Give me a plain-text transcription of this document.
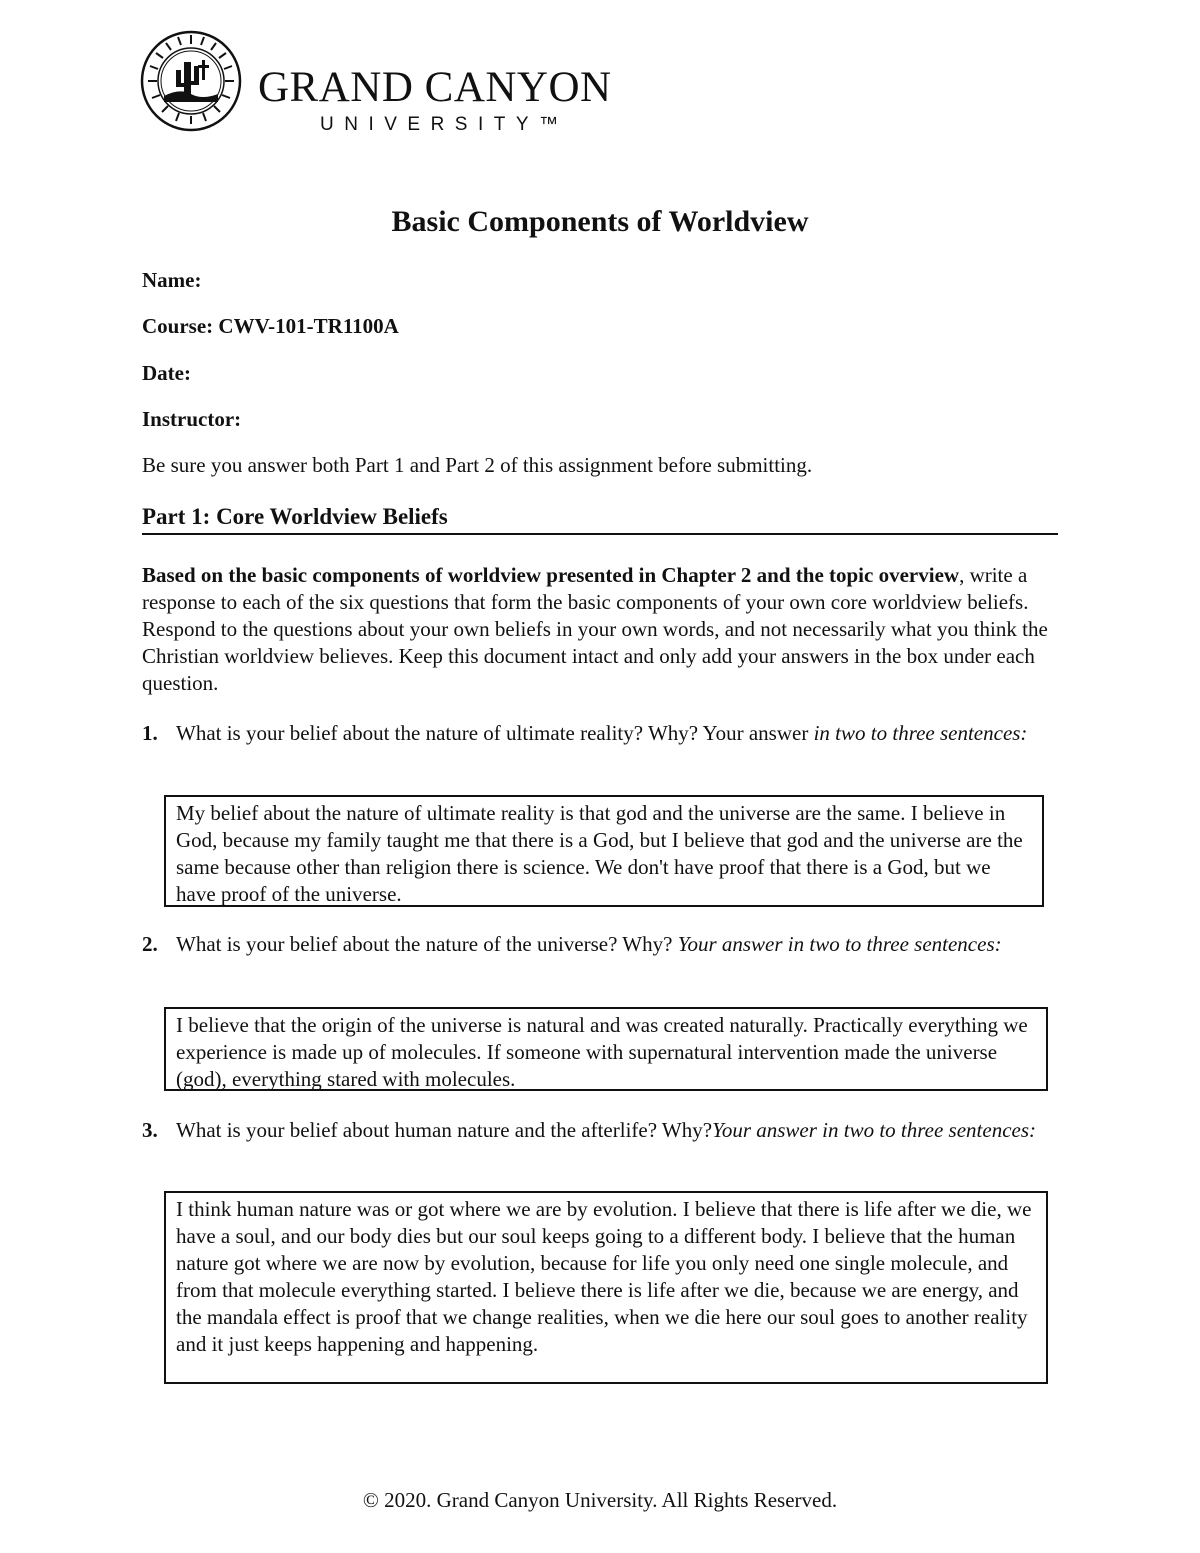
GRAND CANYON
UNIVERSITY™
Basic Components of Worldview

Name:

Course: CWV-101-TR1100A

Date:

Instructor:

Be sure you answer both Part 1 and Part 2 of this assignment before submitting.

Part 1: Core Worldview Beliefs

Based on the basic components of worldview presented in Chapter 2 and the topic overview, write a response to each of the six questions that form the basic components of your own core worldview beliefs. Respond to the questions about your own beliefs in your own words, and not necessarily what you think the Christian worldview believes. Keep this document intact and only add your answers in the box under each question.

1. What is your belief about the nature of ultimate reality? Why? Your answer in two to three sentences:
My belief about the nature of ultimate reality is that god and the universe are the same. I believe in God, because my family taught me that there is a God, but I believe that god and the universe are the same because other than religion there is science. We don't have proof that there is a God, but we have proof of the universe.
2. What is your belief about the nature of the universe? Why? Your answer in two to three sentences:
I believe that the origin of the universe is natural and was created naturally. Practically everything we experience is made up of molecules. If someone with supernatural intervention made the universe (god), everything stared with molecules.
3. What is your belief about human nature and the afterlife? Why?Your answer in two to three sentences:
I think human nature was or got where we are by evolution. I believe that there is life after we die, we have a soul, and our body dies but our soul keeps going to a different body. I believe that the human nature got where we are now by evolution, because for life you only need one single molecule, and from that molecule everything started. I believe there is life after we die, because we are energy, and the mandala effect is proof that we change realities, when we die here our soul goes to another reality and it just keeps happening and happening.

© 2020. Grand Canyon University. All Rights Reserved.
